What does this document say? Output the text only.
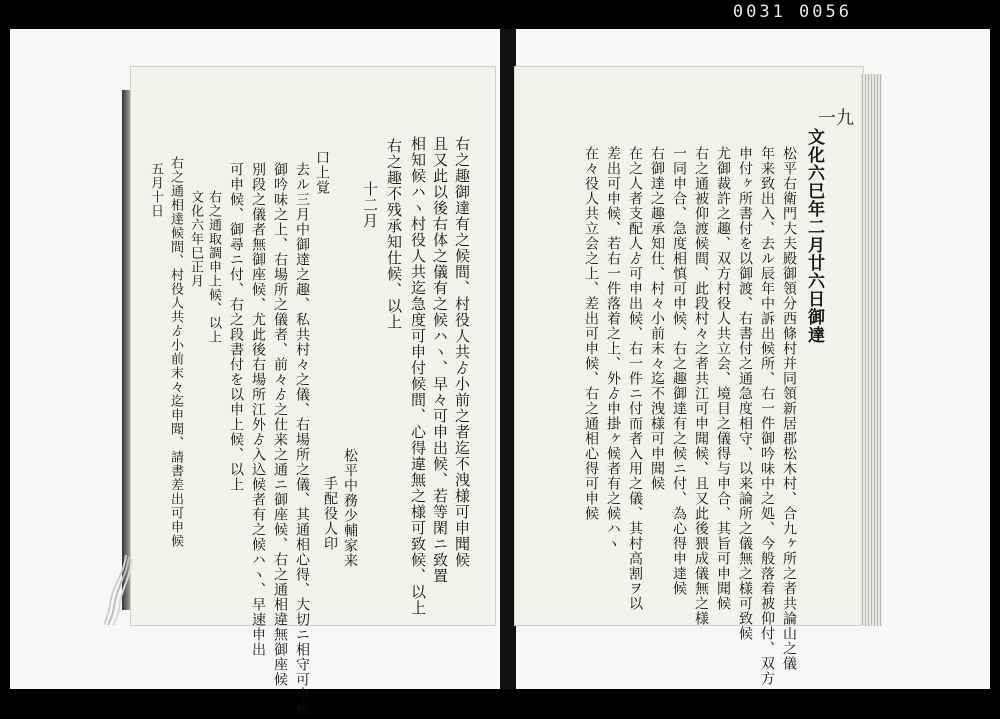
0031 0056
右之趣御達有之候間、村役人共ゟ小前之者迄不洩様可申聞候
且又此以後右体之儀有之候ハヽ、早々可申出候、若等閑ニ致置
相知候ハヽ村役人共迄急度可申付候間、心得違無之様可致候、以上
右之趣不残承知仕候、以上
十二月
松平中務少輔家来
手配役人印
口上覚
去ル三月中御達之趣、私共村々之儀、右場所之儀、其通相心得、大切ニ相守可申候
御吟味之上、右場所之儀者、前々ゟ之仕来之通ニ御座候、右之通相違無御座候
別段之儀者無御座候、尤此後右場所江外ゟ入込候者有之候ハヽ、早速申出
可申候、御尋ニ付、右之段書付を以申上候、以上
右之通取調申上候、以上
文化六年巳正月
右之通相達候間、村役人共ゟ小前末々迄申聞、請書差出可申候
五月十日
一九
文化六巳年二月廿六日御達
松平右衛門大夫殿御領分西條村并同領新居郡松木村、合九ヶ所之者共論山之儀
年来致出入、去ル辰年中訴出候所、右一件御吟味中之処、今般落着被仰付、双方
申付ヶ所書付を以御渡、右書付之通急度相守、以来論所之儀無之様可致候
尤御裁許之趣、双方村役人共立会、境目之儀得与申合、其旨可申聞候
右之通被仰渡候間、此段村々之者共江可申聞候、且又此後猥成儀無之様
一同申合、急度相慎可申候、右之趣御達有之候ニ付、為心得申達候
右御達之趣承知仕、村々小前末々迄不洩様可申聞候
在之人者支配人ゟ可申出候、右一件ニ付而者入用之儀、其村高割ヲ以
差出可申候、若右一件落着之上、外ゟ申掛ヶ候者有之候ハヽ
在々役人共立会之上、差出可申候、右之通相心得可申候
